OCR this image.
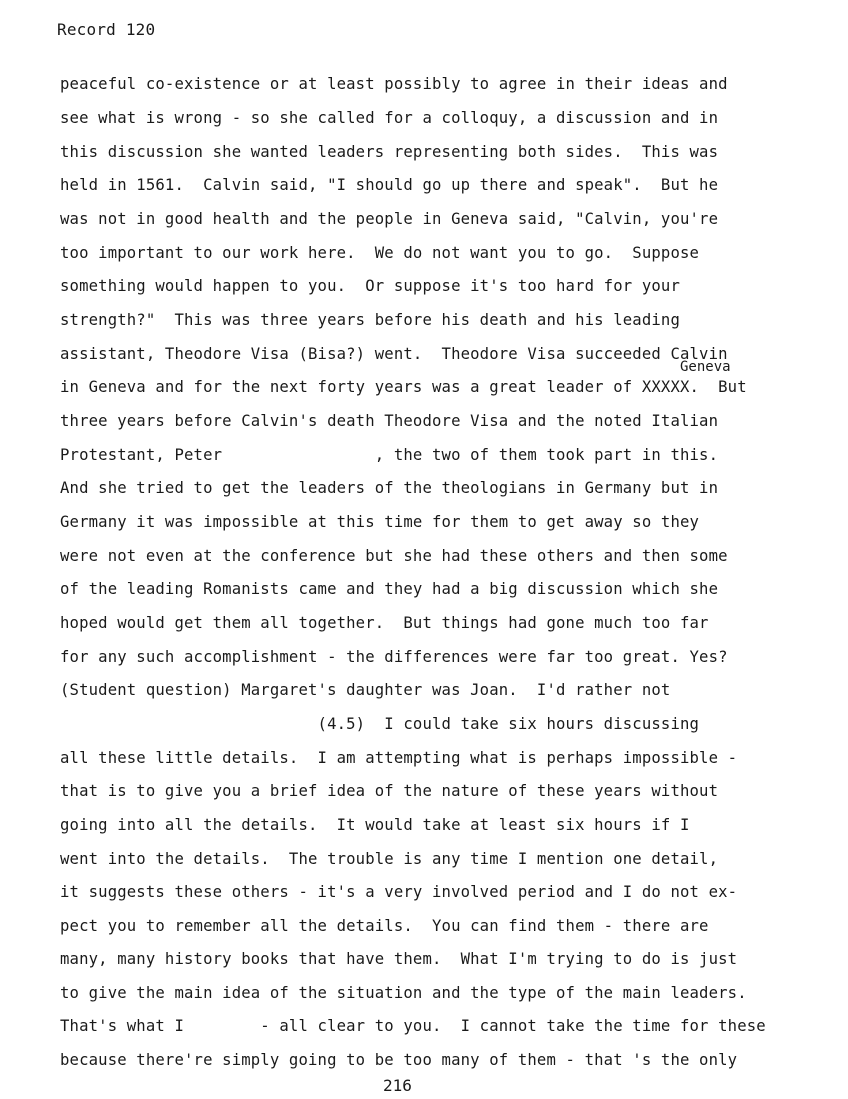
Record 120
Geneva
peaceful co-existence or at least possibly to agree in their ideas and
see what is wrong - so she called for a colloquy, a discussion and in
this discussion she wanted leaders representing both sides.  This was
held in 1561.  Calvin said, "I should go up there and speak".  But he
was not in good health and the people in Geneva said, "Calvin, you're
too important to our work here.  We do not want you to go.  Suppose
something would happen to you.  Or suppose it's too hard for your
strength?"  This was three years before his death and his leading
assistant, Theodore Visa (Bisa?) went.  Theodore Visa succeeded Calvin
in Geneva and for the next forty years was a great leader of XXXXX.  But
three years before Calvin's death Theodore Visa and the noted Italian
Protestant, Peter                , the two of them took part in this.
And she tried to get the leaders of the theologians in Germany but in
Germany it was impossible at this time for them to get away so they
were not even at the conference but she had these others and then some
of the leading Romanists came and they had a big discussion which she
hoped would get them all together.  But things had gone much too far
for any such accomplishment - the differences were far too great. Yes?
(Student question) Margaret's daughter was Joan.  I'd rather not
(4.5)  I could take six hours discussing
all these little details.  I am attempting what is perhaps impossible -
that is to give you a brief idea of the nature of these years without
going into all the details.  It would take at least six hours if I
went into the details.  The trouble is any time I mention one detail,
it suggests these others - it's a very involved period and I do not ex-
pect you to remember all the details.  You can find them - there are
many, many history books that have them.  What I'm trying to do is just
to give the main idea of the situation and the type of the main leaders.
That's what I        - all clear to you.  I cannot take the time for these
because there're simply going to be too many of them - that 's the only
216
